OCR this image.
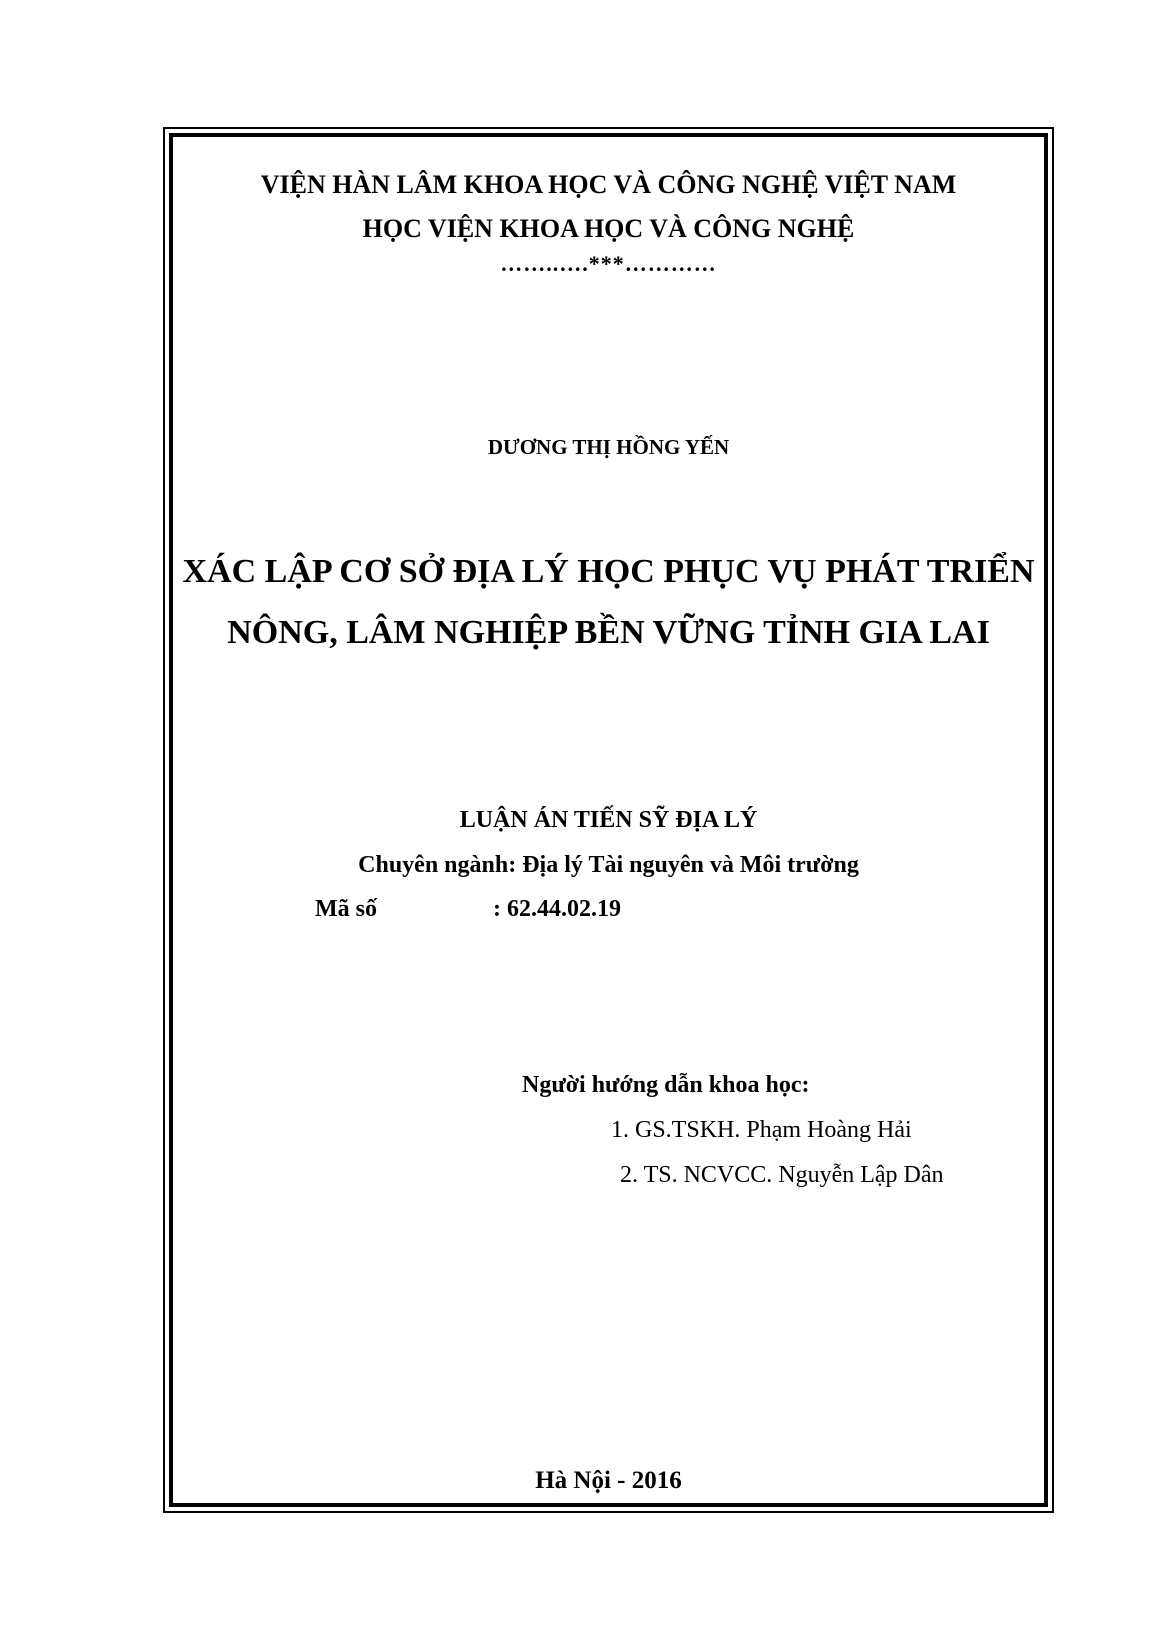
VIỆN HÀN LÂM KHOA HỌC VÀ CÔNG NGHỆ VIỆT NAM
HỌC VIỆN KHOA HỌC VÀ CÔNG NGHỆ
……..….***…………
DƯƠNG THỊ HỒNG YẾN
XÁC LẬP CƠ SỞ ĐỊA LÝ HỌC PHỤC VỤ PHÁT TRIỂN
NÔNG, LÂM NGHIỆP BỀN VỮNG TỈNH GIA LAI
LUẬN ÁN TIẾN SỸ ĐỊA LÝ
Chuyên ngành: Địa lý Tài nguyên và Môi trường
Mã số	: 62.44.02.19
Người hướng dẫn khoa học:
1. GS.TSKH. Phạm Hoàng Hải
2. TS. NCVCC. Nguyễn Lập Dân
Hà Nội - 2016
